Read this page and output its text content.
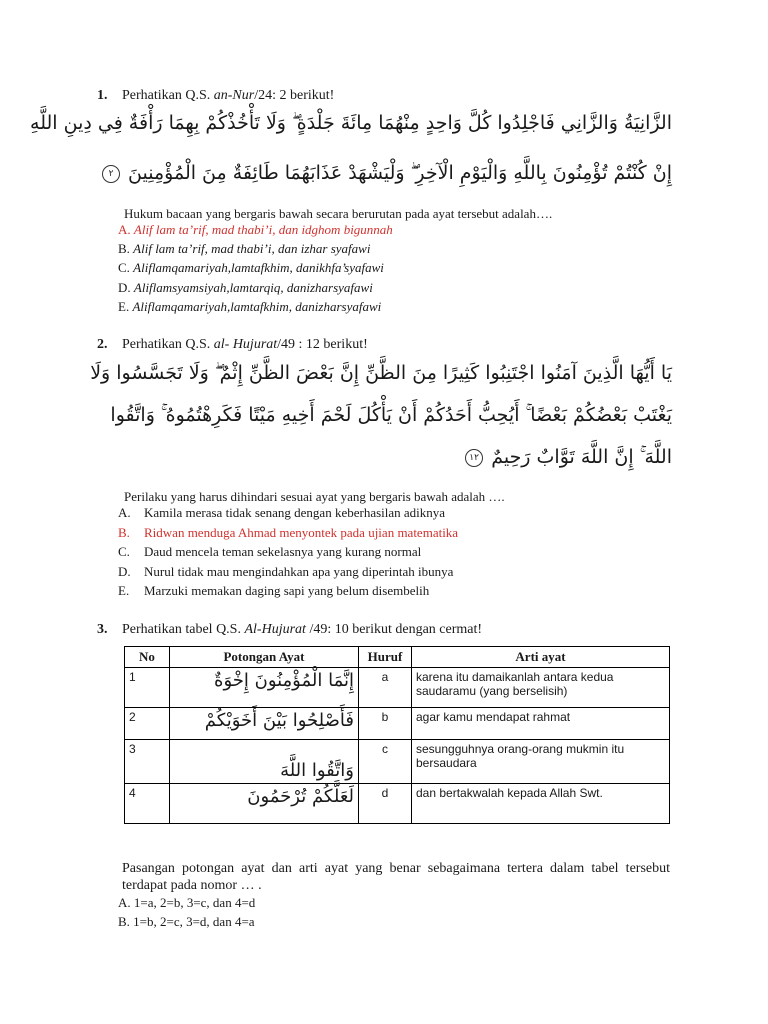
1. Perhatikan Q.S. an-Nur/24: 2 berikut!
الزَّانِيَةُ وَالزَّانِي فَاجْلِدُوا كُلَّ وَاحِدٍ مِنْهُمَا مِائَةَ جَلْدَةٍ ۖ وَلَا تَأْخُذْكُمْ بِهِمَا رَأْفَةٌ فِي دِينِ اللَّهِ
إِنْ كُنْتُمْ تُؤْمِنُونَ بِاللَّهِ وَالْيَوْمِ الْآخِرِ ۖ وَلْيَشْهَدْ عَذَابَهُمَا طَائِفَةٌ مِنَ الْمُؤْمِنِينَ ٢
Hukum bacaan yang bergaris bawah secara berurutan pada ayat tersebut adalah….
A. Alif lam ta’rif, mad thabi’i, dan idghom bigunnah
B. Alif lam ta’rif, mad thabi’i, dan izhar syafawi
C. Aliflamqamariyah,lamtafkhim, danikhfa’syafawi
D. Aliflamsyamsiyah,lamtarqiq, danizharsyafawi
E. Aliflamqamariyah,lamtafkhim, danizharsyafawi
2. Perhatikan Q.S. al- Hujurat/49 : 12 berikut!
يَا أَيُّهَا الَّذِينَ آمَنُوا اجْتَنِبُوا كَثِيرًا مِنَ الظَّنِّ إِنَّ بَعْضَ الظَّنِّ إِثْمٌ ۖ وَلَا تَجَسَّسُوا وَلَا
يَغْتَبْ بَعْضُكُمْ بَعْضًا ۚ أَيُحِبُّ أَحَدُكُمْ أَنْ يَأْكُلَ لَحْمَ أَخِيهِ مَيْتًا فَكَرِهْتُمُوهُ ۚ وَاتَّقُوا
اللَّهَ ۚ إِنَّ اللَّهَ تَوَّابٌ رَحِيمٌ ١٢
Perilaku yang harus dihindari sesuai ayat yang bergaris bawah adalah ….
A. Kamila merasa tidak senang dengan keberhasilan adiknya
B. Ridwan menduga Ahmad menyontek pada ujian matematika
C. Daud mencela teman sekelasnya yang kurang normal
D. Nurul tidak mau mengindahkan apa yang diperintah ibunya
E. Marzuki memakan daging sapi yang belum disembelih
3. Perhatikan tabel Q.S. Al-Hujurat /49: 10 berikut dengan cermat!
No	Potongan Ayat	Huruf	Arti ayat
1	إِنَّمَا الْمُؤْمِنُونَ إِخْوَةٌ	a	karena itu damaikanlah antara kedua saudaramu (yang berselisih)
2	فَأَصْلِحُوا بَيْنَ أَخَوَيْكُمْ	b	agar kamu mendapat rahmat
3	وَاتَّقُوا اللَّهَ	c	sesungguhnya orang-orang mukmin itu bersaudara
4	لَعَلَّكُمْ تُرْحَمُونَ	d	dan bertakwalah kepada Allah Swt.
Pasangan potongan ayat dan arti ayat yang benar sebagaimana tertera dalam tabel tersebut terdapat pada nomor … .
A. 1=a, 2=b, 3=c, dan 4=d
B. 1=b, 2=c, 3=d, dan 4=a
